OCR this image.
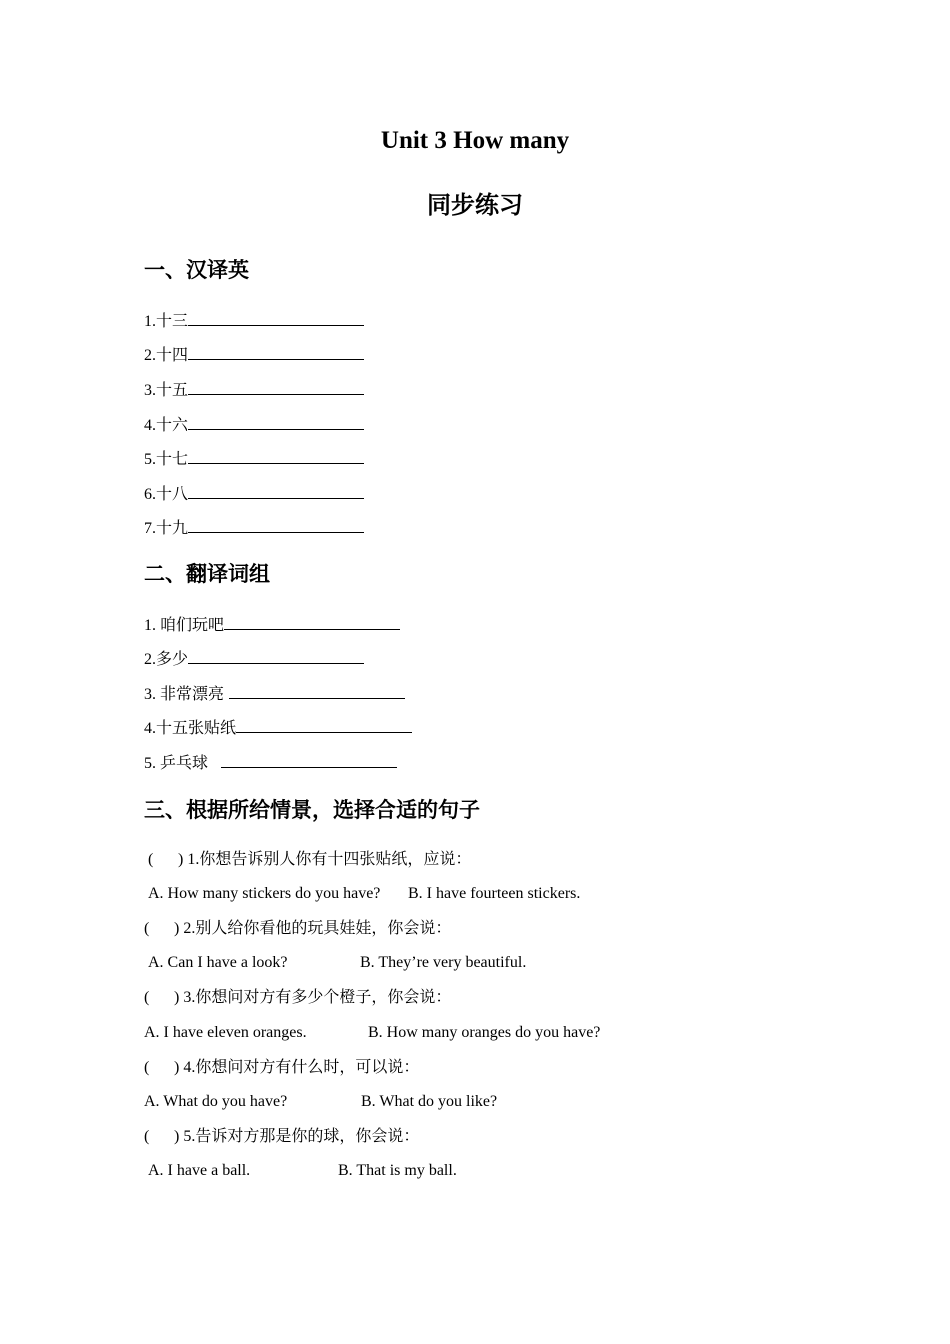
Unit 3 How many
同步练习
一、汉译英
1.十三
2.十四
3.十五
4.十六
5.十七
6.十八
7.十九
二、翻译词组
1. 咱们玩吧
2.多少
3. 非常漂亮
4.十五张贴纸
5. 乒乓球
三、根据所给情景，选择合适的句子
( ) 1.你想告诉别人你有十四张贴纸，应说：
A. How many stickers do you have? B. I have fourteen stickers.
( ) 2.别人给你看他的玩具娃娃，你会说：
A. Can I have a look?	B. They’re very beautiful.
( ) 3.你想问对方有多少个橙子，你会说：
A. I have eleven oranges.	B. How many oranges do you have?
( ) 4.你想问对方有什么时，可以说：
A. What do you have?	B. What do you like?
( ) 5.告诉对方那是你的球，你会说：
A. I have a ball.	B. That is my ball.
